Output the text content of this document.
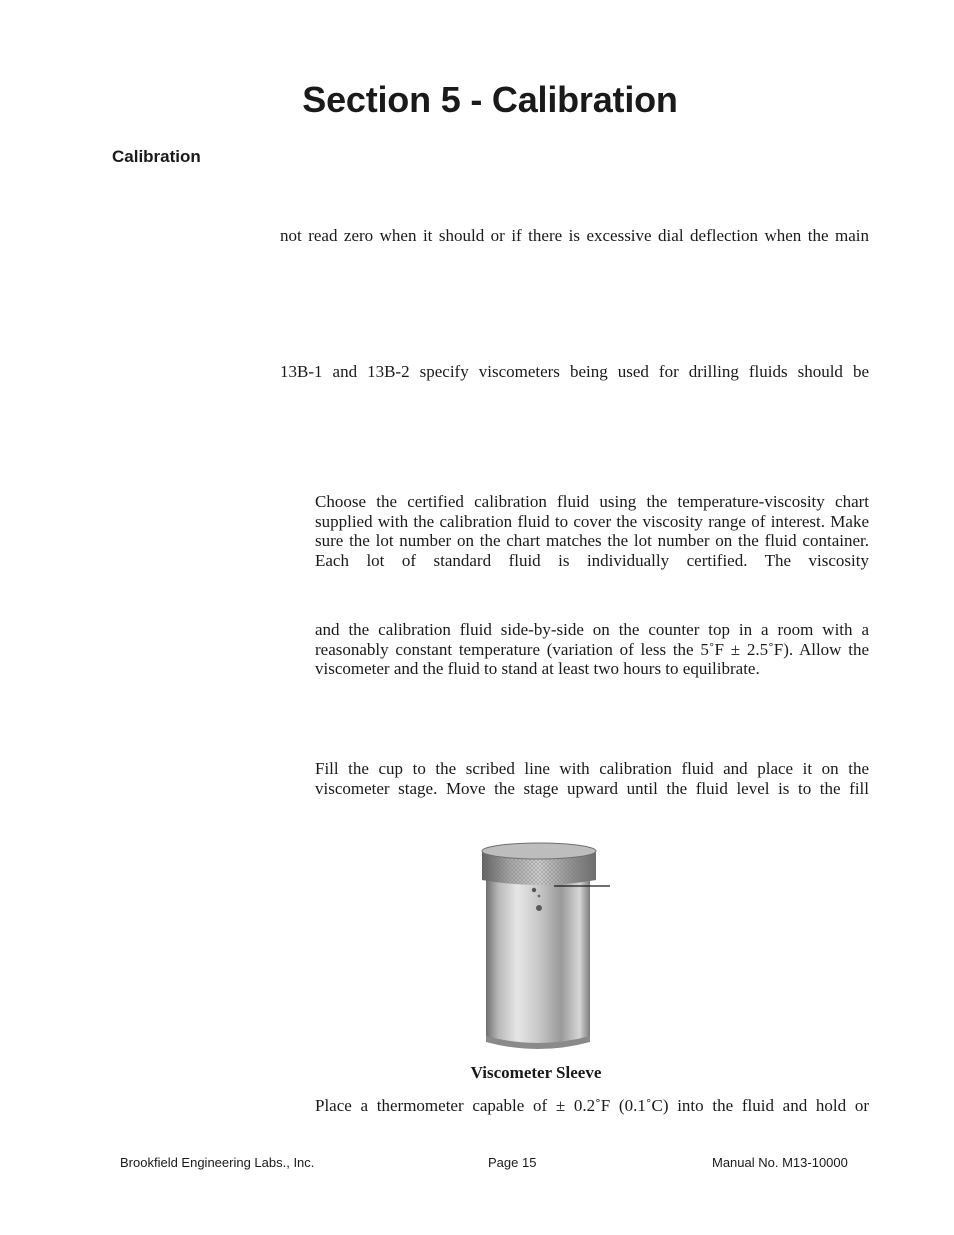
Section 5 - Calibration
Calibration

not read zero when it should or if there is excessive dial deflection when the main

13B-1 and 13B-2 specify viscometers being used for drilling fluids should be

Choose the certified calibration fluid using the temperature-viscosity chart supplied with the calibration fluid to cover the viscosity range of interest. Make sure the lot number on the chart matches the lot number on the fluid container. Each lot of standard fluid is individually certified. The viscosity

and the calibration fluid side-by-side on the counter top in a room with a reasonably constant temperature (variation of less the 5˚F ± 2.5˚F). Allow the viscometer and the fluid to stand at least two hours to equilibrate.

Fill the cup to the scribed line with calibration fluid and place it on the viscometer stage. Move the stage upward until the fluid level is to the fill

Viscometer Sleeve

Place a thermometer capable of ± 0.2˚F (0.1˚C) into the fluid and hold or

Brookfield Engineering Labs., Inc.	Page 15	Manual No. M13-10000
